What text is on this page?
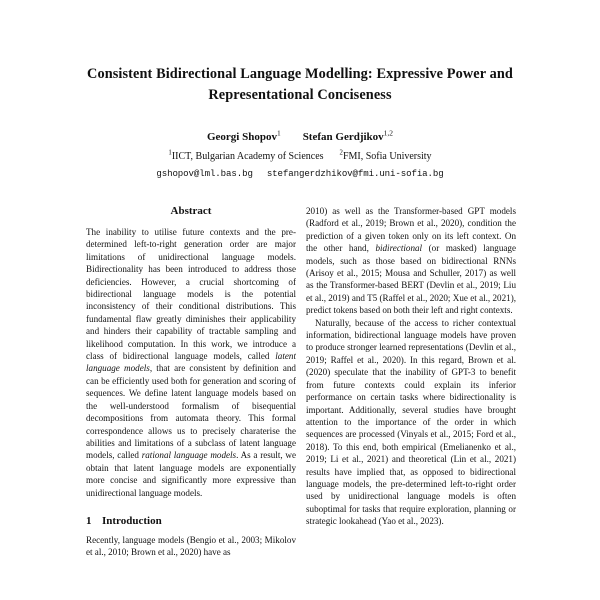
Consistent Bidirectional Language Modelling: Expressive Power and
Representational Conciseness
Georgi Shopov$^1$ Stefan Gerdjikov$^{1,2}$
$^1$IICT, Bulgarian Academy of Sciences $^2$FMI, Sofia University
gshopov@lml.bas.bg stefangerdzhikov@fmi.uni-sofia.bg
Abstract

The inability to utilise future contexts and the pre-determined left-to-right generation order are major limitations of unidirectional language models. Bidirectionality has been introduced to address those deficiencies. However, a crucial shortcoming of bidirectional language models is the potential inconsistency of their conditional distributions. This fundamental flaw greatly diminishes their applicability and hinders their capability of tractable sampling and likelihood computation. In this work, we introduce a class of bidirectional language models, called latent language models, that are consistent by definition and can be efficiently used both for generation and scoring of sequences. We define latent language models based on the well-understood formalism of bisequential decompositions from automata theory. This formal correspondence allows us to precisely charaterise the abilities and limitations of a subclass of latent language models, called rational language models. As a result, we obtain that latent language models are exponentially more concise and significantly more expressive than unidirectional language models.

1 Introduction

Recently, language models (Bengio et al., 2003; Mikolov et al., 2010; Brown et al., 2020) have as

2010) as well as the Transformer-based GPT models (Radford et al., 2019; Brown et al., 2020), condition the prediction of a given token only on its left context. On the other hand, bidirectional (or masked) language models, such as those based on bidirectional RNNs (Arisoy et al., 2015; Mousa and Schuller, 2017) as well as the Transformer-based BERT (Devlin et al., 2019; Liu et al., 2019) and T5 (Raffel et al., 2020; Xue et al., 2021), predict tokens based on both their left and right contexts.

Naturally, because of the access to richer contextual information, bidirectional language models have proven to produce stronger learned representations (Devlin et al., 2019; Raffel et al., 2020). In this regard, Brown et al. (2020) speculate that the inability of GPT-3 to benefit from future contexts could explain its inferior performance on certain tasks where bidirectionality is important. Additionally, several studies have brought attention to the importance of the order in which sequences are processed (Vinyals et al., 2015; Ford et al., 2018). To this end, both empirical (Emelianenko et al., 2019; Li et al., 2021) and theoretical (Lin et al., 2021) results have implied that, as opposed to bidirectional language models, the pre-determined left-to-right order used by unidirectional language models is often suboptimal for tasks that require exploration, planning or strategic lookahead (Yao et al., 2023).
